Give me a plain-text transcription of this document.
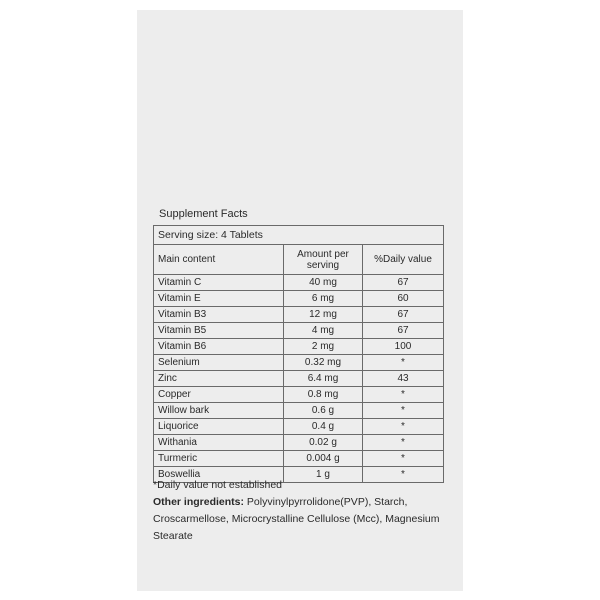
Supplement Facts
Serving size: 4 Tablets		
Main content	Amount per serving	%Daily value
Vitamin C	40 mg	67
Vitamin E	6 mg	60
Vitamin B3	12 mg	67
Vitamin B5	4 mg	67
Vitamin B6	2 mg	100
Selenium	0.32 mg	*
Zinc	6.4 mg	43
Copper	0.8 mg	*
Willow bark	0.6 g	*
Liquorice	0.4 g	*
Withania	0.02 g	*
Turmeric	0.004 g	*
Boswellia	1 g	*
*Daily value not established
Other ingredients: Polyvinylpyrrolidone(PVP), Starch, Croscarmellose, Microcrystalline Cellulose (Mcc), Magnesium Stearate
